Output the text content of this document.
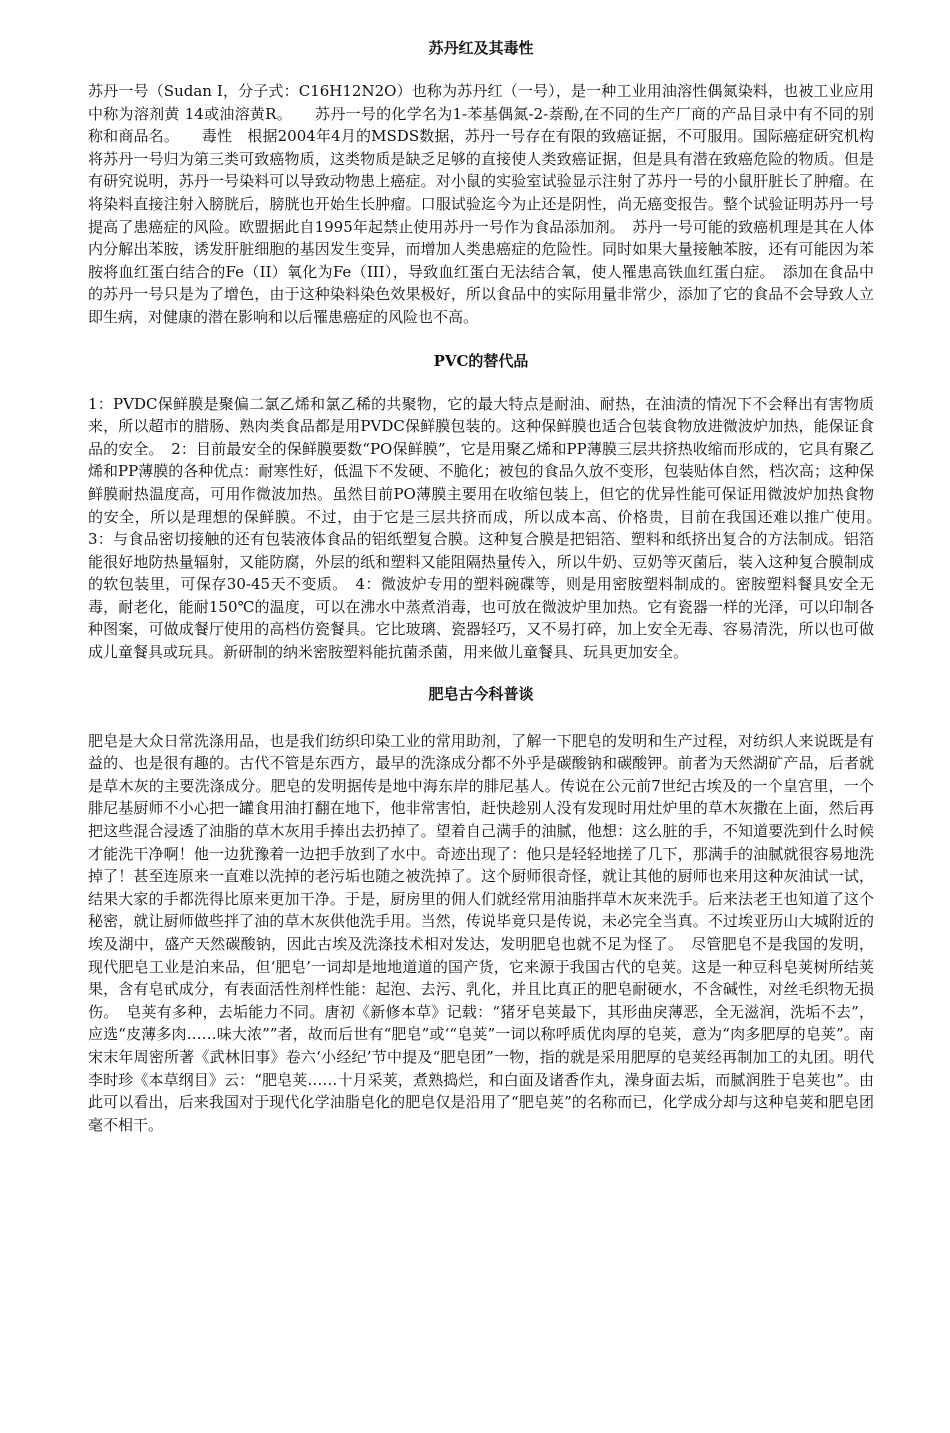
苏丹红及其毒性

苏丹一号（Sudan I，分子式：C16H12N2O）也称为苏丹红（一号），是一种工业用油溶性偶氮染料，也被工业应用中称为溶剂黄 14或油溶黄R。　　苏丹一号的化学名为1-苯基偶氮-2-萘酚,在不同的生产厂商的产品目录中有不同的别称和商品名。　　毒性　根据2004年4月的MSDS数据，苏丹一号存在有限的致癌证据，不可服用。国际癌症研究机构将苏丹一号归为第三类可致癌物质，这类物质是缺乏足够的直接使人类致癌证据，但是具有潜在致癌危险的物质。但是有研究说明，苏丹一号染料可以导致动物患上癌症。对小鼠的实验室试验显示注射了苏丹一号的小鼠肝脏长了肿瘤。在将染料直接注射入膀胱后，膀胱也开始生长肿瘤。口服试验迄今为止还是阴性，尚无癌变报告。整个试验证明苏丹一号提高了患癌症的风险。欧盟据此自1995年起禁止使用苏丹一号作为食品添加剂。　苏丹一号可能的致癌机理是其在人体内分解出苯胺，诱发肝脏细胞的基因发生变异，而增加人类患癌症的危险性。同时如果大量接触苯胺，还有可能因为苯胺将血红蛋白结合的Fe（II）氧化为Fe（III），导致血红蛋白无法结合氧，使人罹患高铁血红蛋白症。　添加在食品中的苏丹一号只是为了增色，由于这种染料染色效果极好，所以食品中的实际用量非常少，添加了它的食品不会导致人立即生病，对健康的潜在影响和以后罹患癌症的风险也不高。

PVC的替代品

1：PVDC保鲜膜是聚偏二氯乙烯和氯乙稀的共聚物，它的最大特点是耐油、耐热，在油渍的情况下不会释出有害物质来，所以超市的腊肠、熟肉类食品都是用PVDC保鲜膜包装的。这种保鲜膜也适合包装食物放进微波炉加热，能保证食品的安全。　2：目前最安全的保鲜膜要数“PO保鲜膜”，它是用聚乙烯和PP薄膜三层共挤热收缩而形成的，它具有聚乙烯和PP薄膜的各种优点：耐寒性好，低温下不发硬、不脆化；被包的食品久放不变形，包装贴体自然，档次高；这种保鲜膜耐热温度高，可用作微波加热。虽然目前PO薄膜主要用在收缩包装上，但它的优异性能可保证用微波炉加热食物的安全，所以是理想的保鲜膜。不过，由于它是三层共挤而成，所以成本高、价格贵，目前在我国还难以推广使用。　3：与食品密切接触的还有包装液体食品的铝纸塑复合膜。这种复合膜是把铝箔、塑料和纸挤出复合的方法制成。铝箔能很好地防热量辐射，又能防腐，外层的纸和塑料又能阻隔热量传入，所以牛奶、豆奶等灭菌后，装入这种复合膜制成的软包装里，可保存30-45天不变质。　4：微波炉专用的塑料碗碟等，则是用密胺塑料制成的。密胺塑料餐具安全无毒，耐老化，能耐150℃的温度，可以在沸水中蒸煮消毒，也可放在微波炉里加热。它有瓷器一样的光泽，可以印制各种图案，可做成餐厅使用的高档仿瓷餐具。它比玻璃、瓷器轻巧，又不易打碎，加上安全无毒、容易清洗，所以也可做成儿童餐具或玩具。新研制的纳米密胺塑料能抗菌杀菌，用来做儿童餐具、玩具更加安全。

肥皂古今科普谈

肥皂是大众日常洗涤用品，也是我们纺织印染工业的常用助剂，了解一下肥皂的发明和生产过程，对纺织人来说既是有益的、也是很有趣的。古代不管是东西方，最早的洗涤成分都不外乎是碳酸钠和碳酸钾。前者为天然湖矿产品，后者就是草木灰的主要洗涤成分。肥皂的发明据传是地中海东岸的腓尼基人。传说在公元前7世纪古埃及的一个皇宫里，一个腓尼基厨师不小心把一罐食用油打翻在地下，他非常害怕，赶快趁别人没有发现时用灶炉里的草木灰撒在上面，然后再把这些混合浸透了油脂的草木灰用手捧出去扔掉了。望着自己满手的油腻，他想：这么脏的手，不知道要洗到什么时候才能洗干净啊！他一边犹豫着一边把手放到了水中。奇迹出现了：他只是轻轻地搓了几下，那满手的油腻就很容易地洗掉了！甚至连原来一直难以洗掉的老污垢也随之被洗掉了。这个厨师很奇怪，就让其他的厨师也来用这种灰油试一试，结果大家的手都洗得比原来更加干净。于是，厨房里的佣人们就经常用油脂拌草木灰来洗手。后来法老王也知道了这个秘密，就让厨师做些拌了油的草木灰供他洗手用。当然，传说毕竟只是传说，未必完全当真。不过埃亚历山大城附近的埃及湖中，盛产天然碳酸钠，因此古埃及洗涤技术相对发达，发明肥皂也就不足为怪了。　尽管肥皂不是我国的发明，现代肥皂工业是泊来品，但‘肥皂’一词却是地地道道的国产货，它来源于我国古代的皂荚。这是一种豆科皂荚树所结荚果，含有皂甙成分，有表面活性剂样性能：起泡、去污、乳化，并且比真正的肥皂耐硬水，不含碱性，对丝毛织物无损伤。　皂荚有多种，去垢能力不同。唐初《新修本草》记载：“猪牙皂荚最下，其形曲戾薄恶，全无滋润，洗垢不去”，应选“皮薄多肉……味大浓””者，故而后世有“肥皂”或‘“皂荚”一词以称呼质优肉厚的皂荚，意为“肉多肥厚的皂荚”。南宋末年周密所著《武林旧事》卷六‘小经纪’节中提及“肥皂团”一物，指的就是采用肥厚的皂荚经再制加工的丸团。明代李时珍《本草纲目》云：“肥皂荚……十月采荚，煮熟捣烂，和白面及诸香作丸，澡身面去垢，而腻润胜于皂荚也”。由此可以看出，后来我国对于现代化学油脂皂化的肥皂仅是沿用了“肥皂荚”的名称而已，化学成分却与这种皂荚和肥皂团毫不相干。
